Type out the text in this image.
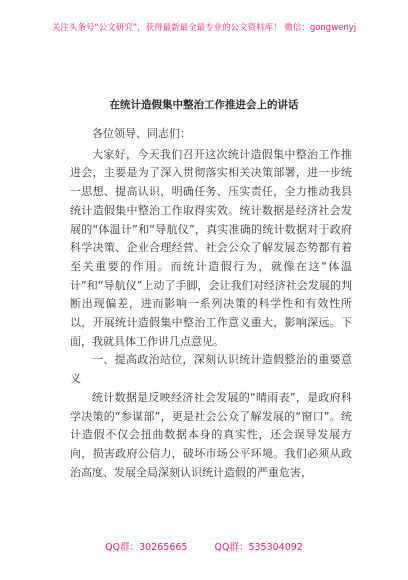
关注头条号“公文研究”，获得最新最全最专业的公文资料库！ 微信：gongwenyj
在统计造假集中整治工作推进会上的讲话

各位领导、同志们：

大家好，今天我们召开这次统计造假集中整治工作推进会，主要是为了深入贯彻落实相关决策部署，进一步统一思想、提高认识，明确任务、压实责任，全力推动我县统计造假集中整治工作取得实效。统计数据是经济社会发展的“体温计”和“导航仪”，真实准确的统计数据对于政府科学决策、企业合理经营、社会公众了解发展态势都有着至关重要的作用。而统计造假行为，就像在这“体温计”和“导航仪”上动了手脚，会让我们对经济社会发展的判断出现偏差，进而影响一系列决策的科学性和有效性所以，开展统计造假集中整治工作意义重大，影响深远。下面，我就具体工作讲几点意见。

一、提高政治站位，深刻认识统计造假整治的重要意义

统计数据是反映经济社会发展的“晴雨表”，是政府科学决策的“参谋部”，更是社会公众了解发展的“窗口”。统计造假不仅会扭曲数据本身的真实性，还会误导发展方向，损害政府公信力，破坏市场公平环境。我们必须从政治高度、发展全局深刻认识统计造假的严重危害，

QQ群：30265665	QQ群：535304092
